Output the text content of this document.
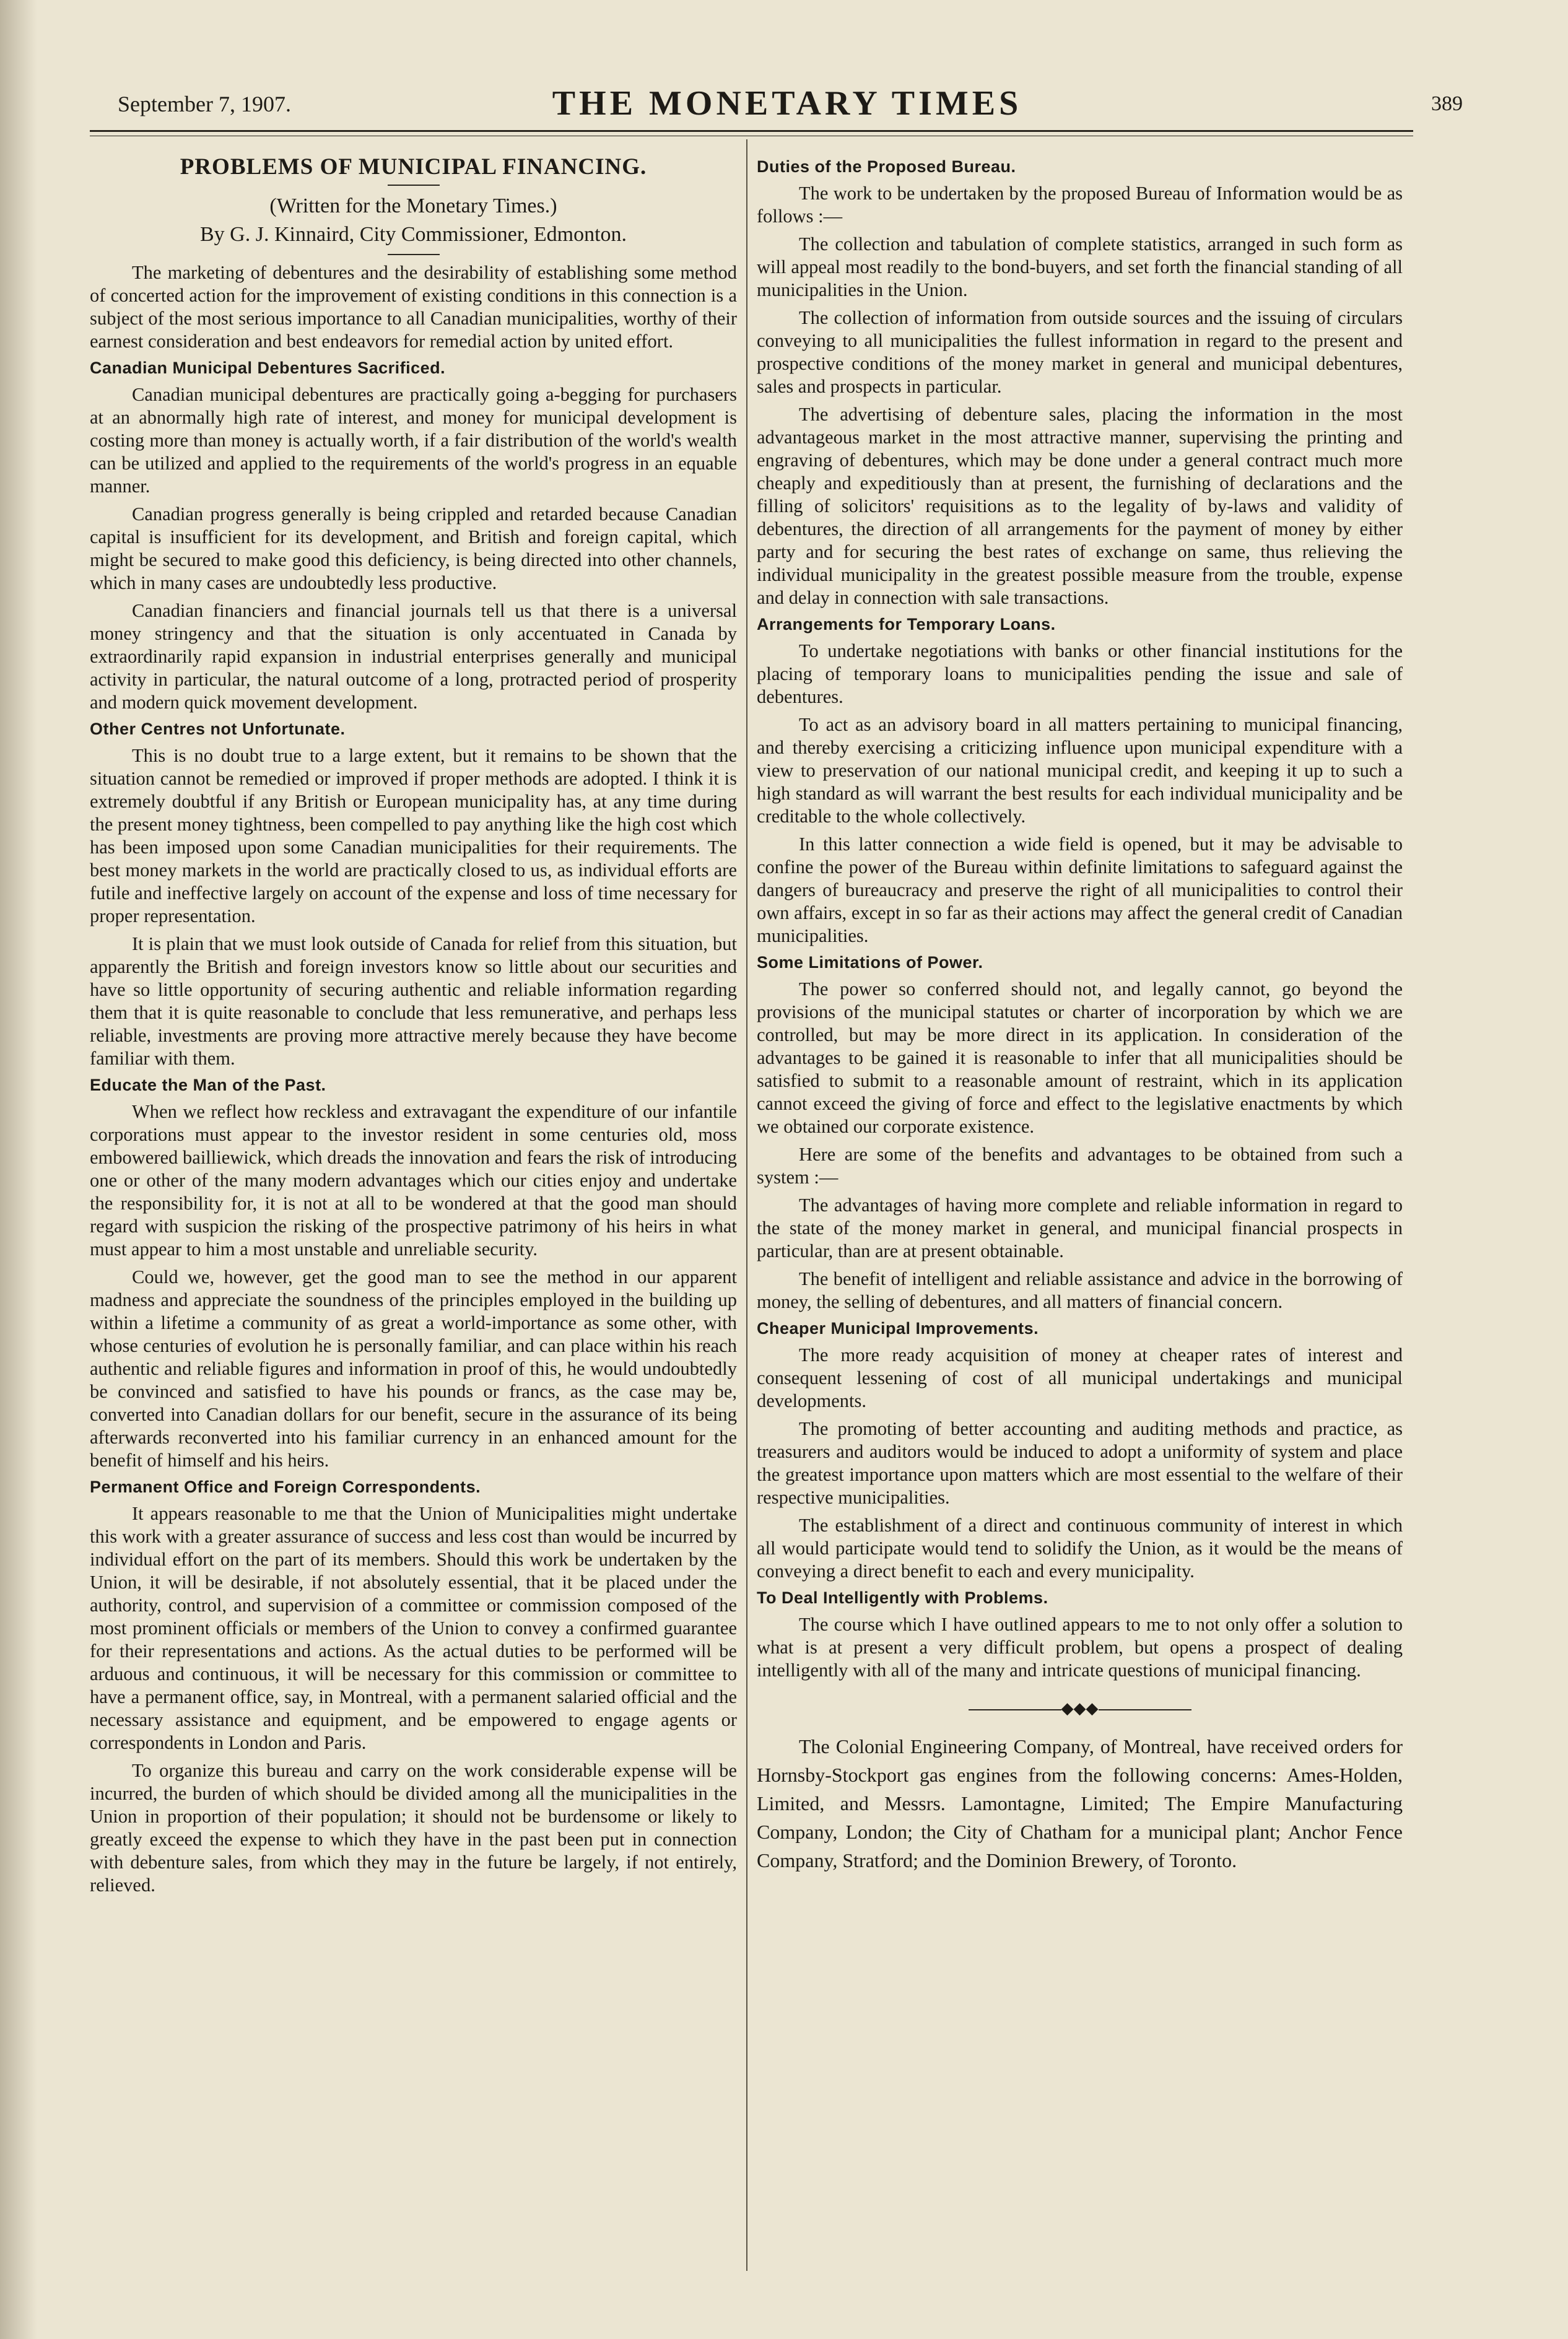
September 7, 1907.	THE MONETARY TIMES	389
PROBLEMS OF MUNICIPAL FINANCING.

(Written for the Monetary Times.)

By G. J. Kinnaird, City Commissioner, Edmonton.

The marketing of debentures and the desirability of establishing some method of concerted action for the improvement of existing conditions in this connection is a subject of the most serious importance to all Canadian municipalities, worthy of their earnest consideration and best endeavors for remedial action by united effort.

Canadian Municipal Debentures Sacrificed.

Canadian municipal debentures are practically going a-begging for purchasers at an abnormally high rate of interest, and money for municipal development is costing more than money is actually worth, if a fair distribution of the world's wealth can be utilized and applied to the requirements of the world's progress in an equable manner.

Canadian progress generally is being crippled and retarded because Canadian capital is insufficient for its development, and British and foreign capital, which might be secured to make good this deficiency, is being directed into other channels, which in many cases are undoubtedly less productive.

Canadian financiers and financial journals tell us that there is a universal money stringency and that the situation is only accentuated in Canada by extraordinarily rapid expansion in industrial enterprises generally and municipal activity in particular, the natural outcome of a long, protracted period of prosperity and modern quick movement development.

Other Centres not Unfortunate.

This is no doubt true to a large extent, but it remains to be shown that the situation cannot be remedied or improved if proper methods are adopted. I think it is extremely doubtful if any British or European municipality has, at any time during the present money tightness, been compelled to pay anything like the high cost which has been imposed upon some Canadian municipalities for their requirements. The best money markets in the world are practically closed to us, as individual efforts are futile and ineffective largely on account of the expense and loss of time necessary for proper representation.

It is plain that we must look outside of Canada for relief from this situation, but apparently the British and foreign investors know so little about our securities and have so little opportunity of securing authentic and reliable information regarding them that it is quite reasonable to conclude that less remunerative, and perhaps less reliable, investments are proving more attractive merely because they have become familiar with them.

Educate the Man of the Past.

When we reflect how reckless and extravagant the expenditure of our infantile corporations must appear to the investor resident in some centuries old, moss embowered bailliewick, which dreads the innovation and fears the risk of introducing one or other of the many modern advantages which our cities enjoy and undertake the responsibility for, it is not at all to be wondered at that the good man should regard with suspicion the risking of the prospective patrimony of his heirs in what must appear to him a most unstable and unreliable security.

Could we, however, get the good man to see the method in our apparent madness and appreciate the soundness of the principles employed in the building up within a lifetime a community of as great a world-importance as some other, with whose centuries of evolution he is personally familiar, and can place within his reach authentic and reliable figures and information in proof of this, he would undoubtedly be convinced and satisfied to have his pounds or francs, as the case may be, converted into Canadian dollars for our benefit, secure in the assurance of its being afterwards reconverted into his familiar currency in an enhanced amount for the benefit of himself and his heirs.

Permanent Office and Foreign Correspondents.

It appears reasonable to me that the Union of Municipalities might undertake this work with a greater assurance of success and less cost than would be incurred by individual effort on the part of its members. Should this work be undertaken by the Union, it will be desirable, if not absolutely essential, that it be placed under the authority, control, and supervision of a committee or commission composed of the most prominent officials or members of the Union to convey a confirmed guarantee for their representations and actions. As the actual duties to be performed will be arduous and continuous, it will be necessary for this commission or committee to have a permanent office, say, in Montreal, with a permanent salaried official and the necessary assistance and equipment, and be empowered to engage agents or correspondents in London and Paris.

To organize this bureau and carry on the work considerable expense will be incurred, the burden of which should be divided among all the municipalities in the Union in proportion of their population; it should not be burdensome or likely to greatly exceed the expense to which they have in the past been put in connection with debenture sales, from which they may in the future be largely, if not entirely, relieved.

Duties of the Proposed Bureau.

The work to be undertaken by the proposed Bureau of Information would be as follows :—

The collection and tabulation of complete statistics, arranged in such form as will appeal most readily to the bond-buyers, and set forth the financial standing of all municipalities in the Union.

The collection of information from outside sources and the issuing of circulars conveying to all municipalities the fullest information in regard to the present and prospective conditions of the money market in general and municipal debentures, sales and prospects in particular.

The advertising of debenture sales, placing the information in the most advantageous market in the most attractive manner, supervising the printing and engraving of debentures, which may be done under a general contract much more cheaply and expeditiously than at present, the furnishing of declarations and the filling of solicitors' requisitions as to the legality of by-laws and validity of debentures, the direction of all arrangements for the payment of money by either party and for securing the best rates of exchange on same, thus relieving the individual municipality in the greatest possible measure from the trouble, expense and delay in connection with sale transactions.

Arrangements for Temporary Loans.

To undertake negotiations with banks or other financial institutions for the placing of temporary loans to municipalities pending the issue and sale of debentures.

To act as an advisory board in all matters pertaining to municipal financing, and thereby exercising a criticizing influence upon municipal expenditure with a view to preservation of our national municipal credit, and keeping it up to such a high standard as will warrant the best results for each individual municipality and be creditable to the whole collectively.

In this latter connection a wide field is opened, but it may be advisable to confine the power of the Bureau within definite limitations to safeguard against the dangers of bureaucracy and preserve the right of all municipalities to control their own affairs, except in so far as their actions may affect the general credit of Canadian municipalities.

Some Limitations of Power.

The power so conferred should not, and legally cannot, go beyond the provisions of the municipal statutes or charter of incorporation by which we are controlled, but may be more direct in its application. In consideration of the advantages to be gained it is reasonable to infer that all municipalities should be satisfied to submit to a reasonable amount of restraint, which in its application cannot exceed the giving of force and effect to the legislative enactments by which we obtained our corporate existence.

Here are some of the benefits and advantages to be obtained from such a system :—

The advantages of having more complete and reliable information in regard to the state of the money market in general, and municipal financial prospects in particular, than are at present obtainable.

The benefit of intelligent and reliable assistance and advice in the borrowing of money, the selling of debentures, and all matters of financial concern.

Cheaper Municipal Improvements.

The more ready acquisition of money at cheaper rates of interest and consequent lessening of cost of all municipal undertakings and municipal developments.

The promoting of better accounting and auditing methods and practice, as treasurers and auditors would be induced to adopt a uniformity of system and place the greatest importance upon matters which are most essential to the welfare of their respective municipalities.

The establishment of a direct and continuous community of interest in which all would participate would tend to solidify the Union, as it would be the means of conveying a direct benefit to each and every municipality.

To Deal Intelligently with Problems.

The course which I have outlined appears to me to not only offer a solution to what is at present a very difficult problem, but opens a prospect of dealing intelligently with all of the many and intricate questions of municipal financing.

◆◆◆

The Colonial Engineering Company, of Montreal, have received orders for Hornsby-Stockport gas engines from the following concerns: Ames-Holden, Limited, and Messrs. Lamontagne, Limited; The Empire Manufacturing Company, London; the City of Chatham for a municipal plant; Anchor Fence Company, Stratford; and the Dominion Brewery, of Toronto.
